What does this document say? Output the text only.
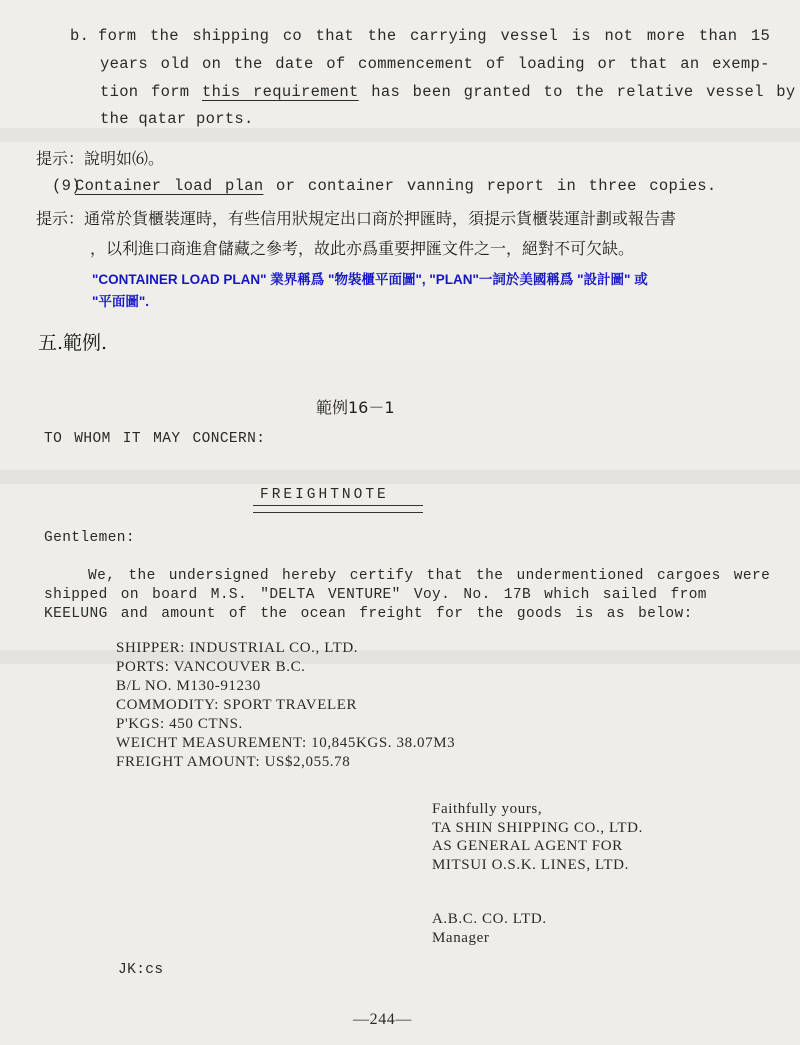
b. form the shipping co that the carrying vessel is not more than 15

years old on the date of commencement of loading or that an exemp-

tion form this requirement has been granted to the relative vessel by

the qatar ports.

提示：說明如⑹。

(9)

Container load plan or container vanning report in three copies.

提示：通常於貨櫃裝運時，有些信用狀規定出口商於押匯時，須提示貨櫃裝運計劃或報告書

，以利進口商進倉儲藏之參考，故此亦爲重要押匯文件之一，絕對不可欠缺。

"CONTAINER LOAD PLAN" 業界稱爲 "物裝櫃平面圖", "PLAN"一詞於美國稱爲 "設計圖" 或

"平面圖".

五.範例.

範例16－1

TO WHOM IT MAY CONCERN:

FREIGHTNOTE

Gentlemen:

We, the undersigned hereby certify that the undermentioned cargoes were

shipped on board M.S. "DELTA VENTURE" Voy. No. 17B which sailed from

KEELUNG and amount of the ocean freight for the goods is as below:

SHIPPER: INDUSTRIAL CO., LTD.

PORTS: VANCOUVER B.C.

B/L NO. M130-91230

COMMODITY: SPORT TRAVELER

P'KGS: 450 CTNS.

WEICHT MEASUREMENT: 10,845KGS. 38.07M3

FREIGHT AMOUNT: US$2,055.78

Faithfully yours,

TA SHIN SHIPPING CO., LTD.

AS GENERAL AGENT FOR

MITSUI O.S.K. LINES, LTD.

A.B.C. CO. LTD.

Manager

JK:cs

—244—
